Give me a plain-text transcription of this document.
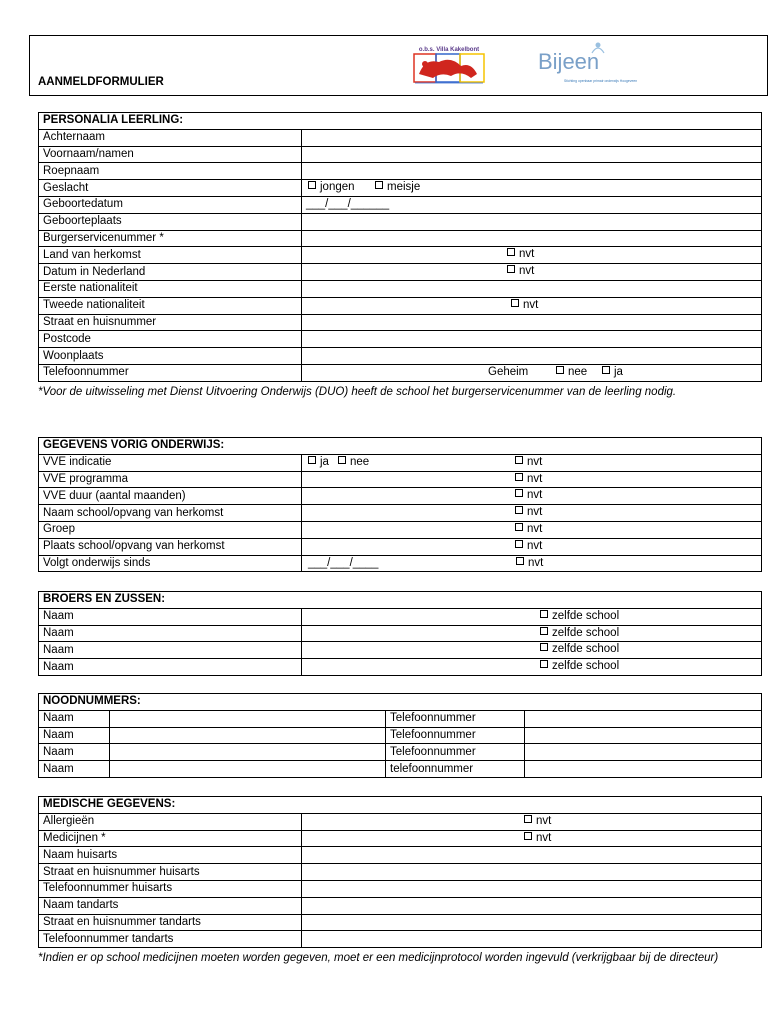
AANMELDFORMULIER
o.b.s. Villa Kakelbont	Bijeen
Stichting openbaar primair onderwijs Hoogeveen
PERSONALIA LEERLING:	
Achternaam	
Voornaam/namen	
Roepnaam	
Geslacht	jongen meisje

Geboortedatum	___/___/______
Geboorteplaats	
Burgerservicenummer *	
Land van herkomst	nvt

Datum in Nederland	nvt

Eerste nationaliteit	
Tweede nationaliteit	nvt

Straat en huisnummer	
Postcode	
Woonplaats	
Telefoonnummer	Geheim nee ja
*Voor de uitwisseling met Dienst Uitvoering Onderwijs (DUO) heeft de school het burgerservicenummer van de leerling nodig.
GEGEVENS VORIG ONDERWIJS:	
VVE indicatie	ja nee nvt

VVE programma	nvt

VVE duur (aantal maanden)	nvt

Naam school/opvang van herkomst	nvt

Groep	nvt

Plaats school/opvang van herkomst	nvt

Volgt onderwijs sinds	___/___/____ nvt
BROERS EN ZUSSEN:	
Naam	zelfde school

Naam	zelfde school

Naam	zelfde school

Naam	zelfde school
NOODNUMMERS:			
Naam		Telefoonnummer	
Naam		Telefoonnummer	
Naam		Telefoonnummer	
Naam		telefoonnummer	
MEDISCHE GEGEVENS:	
Allergieën	nvt

Medicijnen *	nvt

Naam huisarts	
Straat en huisnummer huisarts	
Telefoonnummer huisarts	
Naam tandarts	
Straat en huisnummer tandarts	
Telefoonnummer tandarts	
*Indien er op school medicijnen moeten worden gegeven, moet er een medicijnprotocol worden ingevuld (verkrijgbaar bij de directeur)
